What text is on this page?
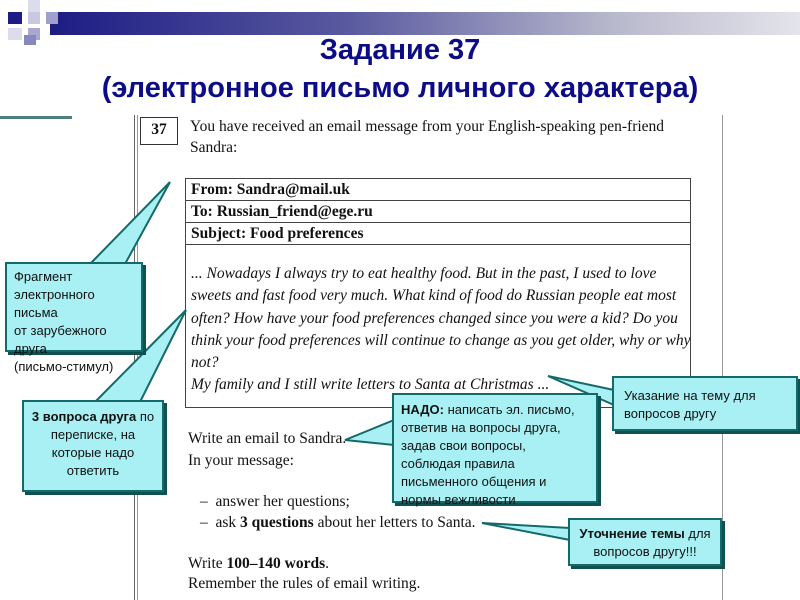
Задание 37
(электронное письмо личного характера)
37	You have received an email message from your English-speaking pen-friend
Sandra:
From: Sandra@mail.uk
To: Russian_friend@ege.ru
Subject: Food preferences
... Nowadays I always try to eat healthy food. But in the past, I used to love
sweets and fast food very much. What kind of food do Russian people eat most
often? How have your food preferences changed since you were a kid? Do you
think your food preferences will continue to change as you get older, why or why
not?
My family and I still write letters to Santa at Christmas ...
Write an email to Sandra.
In your message:
– answer her questions;
– ask 3 questions about her letters to Santa.
Write 100–140 words.
Remember the rules of email writing.
Фрагмент
электронного письма
от зарубежного друга
(письмо-стимул)
3 вопроса друга по переписке, на которые надо ответить
НАДО: написать эл. письмо, ответив на вопросы друга, задав свои вопросы, соблюдая правила письменного общения и нормы вежливости
Указание на тему для вопросов другу
Уточнение темы для вопросов другу!!!
